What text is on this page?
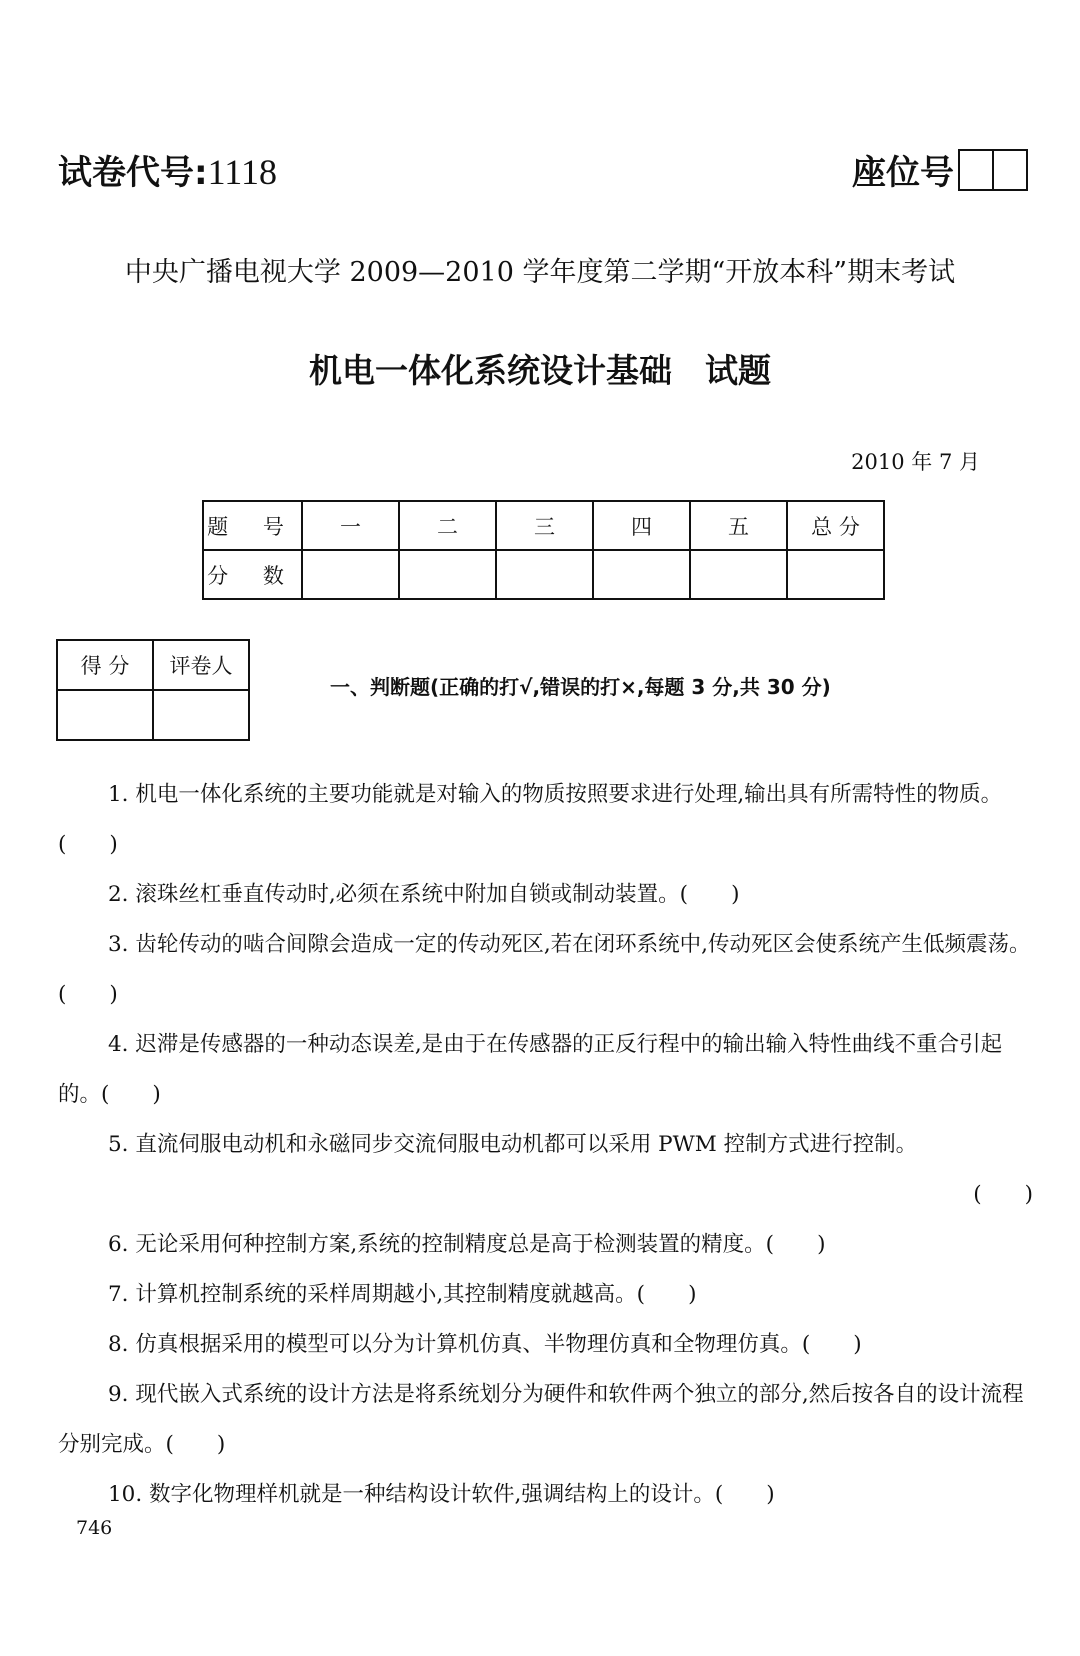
试卷代号:1118	座位号
中央广播电视大学 2009—2010 学年度第二学期“开放本科”期末考试
机电一体化系统设计基础　试题
2010 年 7 月
题 号	一	二	三	四	五	总 分
分 数						
得 分	评卷人

一、判断题(正确的打√,错误的打×,每题 3 分,共 30 分)

1. 机电一体化系统的主要功能就是对输入的物质按照要求进行处理,输出具有所需特性的物质。(　　)

2. 滚珠丝杠垂直传动时,必须在系统中附加自锁或制动装置。(　　)

3. 齿轮传动的啮合间隙会造成一定的传动死区,若在闭环系统中,传动死区会使系统产生低频震荡。(　　)

4. 迟滞是传感器的一种动态误差,是由于在传感器的正反行程中的输出输入特性曲线不重合引起的。(　　)

5. 直流伺服电动机和永磁同步交流伺服电动机都可以采用 PWM 控制方式进行控制。

(　　)

6. 无论采用何种控制方案,系统的控制精度总是高于检测装置的精度。(　　)

7. 计算机控制系统的采样周期越小,其控制精度就越高。(　　)

8. 仿真根据采用的模型可以分为计算机仿真、半物理仿真和全物理仿真。(　　)

9. 现代嵌入式系统的设计方法是将系统划分为硬件和软件两个独立的部分,然后按各自的设计流程分别完成。(　　)

10. 数字化物理样机就是一种结构设计软件,强调结构上的设计。(　　)

746
